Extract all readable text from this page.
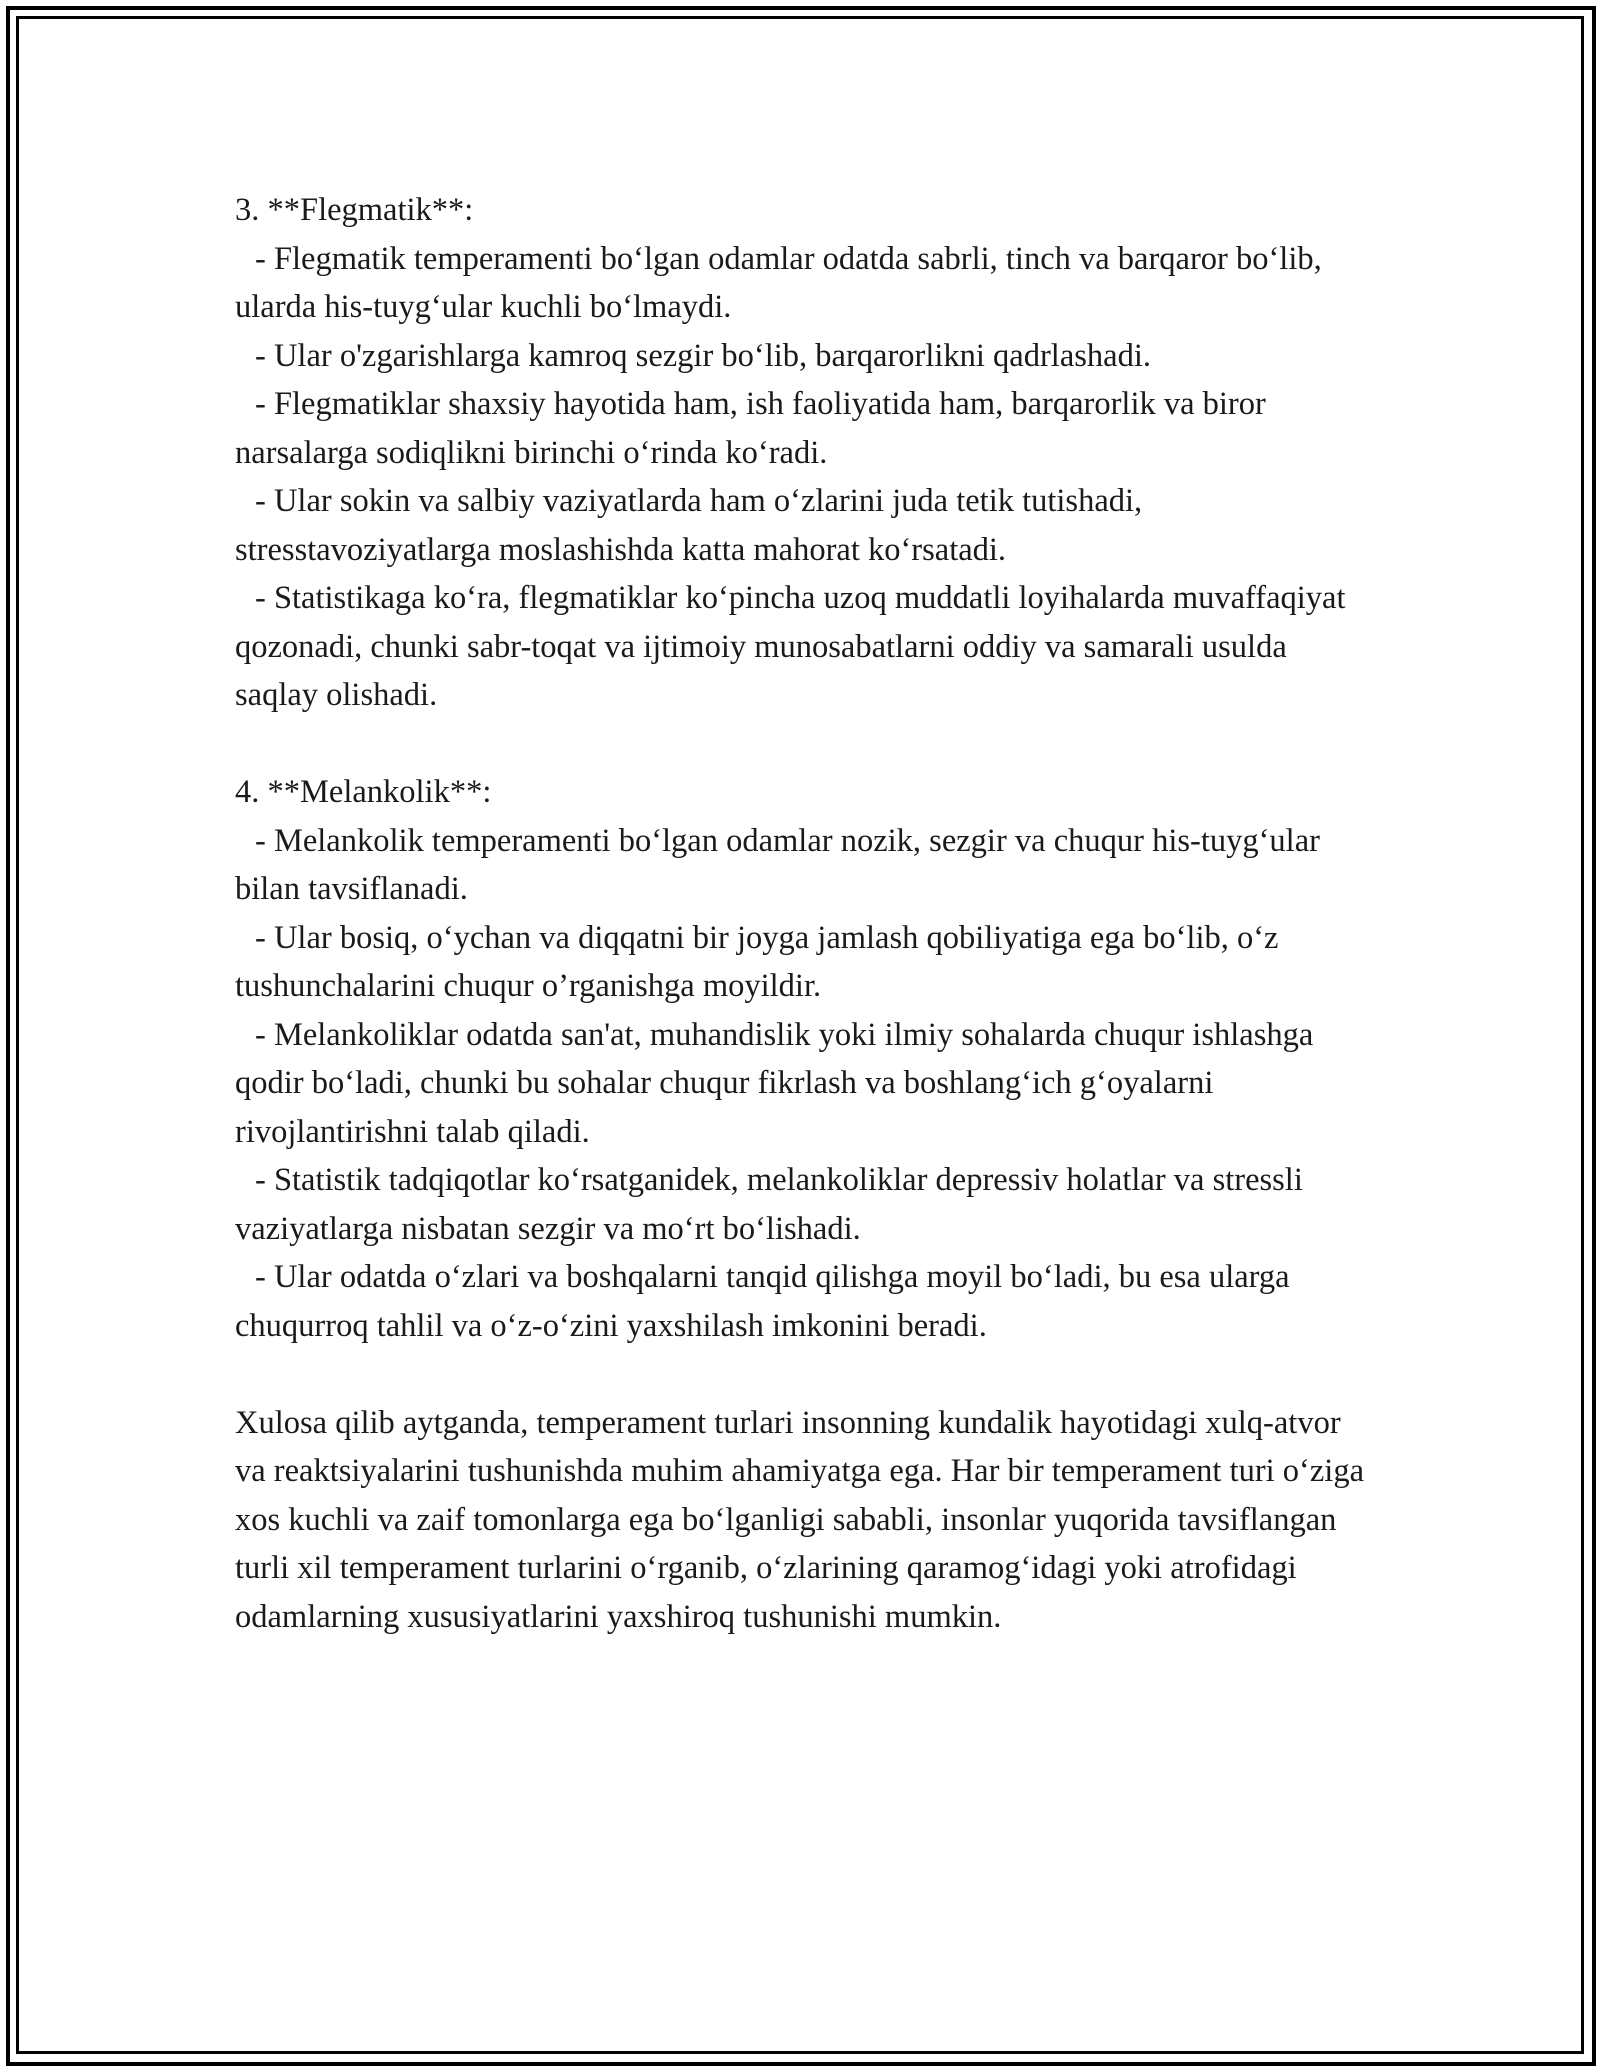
3. **Flegmatik**:

- Flegmatik temperamenti bo‘lgan odamlar odatda sabrli, tinch va barqaror bo‘lib, ularda his-tuyg‘ular kuchli bo‘lmaydi.

- Ular o'zgarishlarga kamroq sezgir bo‘lib, barqarorlikni qadrlashadi.

- Flegmatiklar shaxsiy hayotida ham, ish faoliyatida ham, barqarorlik va biror narsalarga sodiqlikni birinchi o‘rinda ko‘radi.

- Ular sokin va salbiy vaziyatlarda ham o‘zlarini juda tetik tutishadi, stresstavoziyatlarga moslashishda katta mahorat ko‘rsatadi.

- Statistikaga ko‘ra, flegmatiklar ko‘pincha uzoq muddatli loyihalarda muvaffaqiyat qozonadi, chunki sabr-toqat va ijtimoiy munosabatlarni oddiy va samarali usulda saqlay olishadi.

4. **Melankolik**:

- Melankolik temperamenti bo‘lgan odamlar nozik, sezgir va chuqur his-tuyg‘ular bilan tavsiflanadi.

- Ular bosiq, o‘ychan va diqqatni bir joyga jamlash qobiliyatiga ega bo‘lib, o‘z tushunchalarini chuqur o’rganishga moyildir.

- Melankoliklar odatda san'at, muhandislik yoki ilmiy sohalarda chuqur ishlashga qodir bo‘ladi, chunki bu sohalar chuqur fikrlash va boshlang‘ich g‘oyalarni rivojlantirishni talab qiladi.

- Statistik tadqiqotlar ko‘rsatganidek, melankoliklar depressiv holatlar va stressli vaziyatlarga nisbatan sezgir va mo‘rt bo‘lishadi.

- Ular odatda o‘zlari va boshqalarni tanqid qilishga moyil bo‘ladi, bu esa ularga chuqurroq tahlil va o‘z-o‘zini yaxshilash imkonini beradi.

Xulosa qilib aytganda, temperament turlari insonning kundalik hayotidagi xulq-atvor va reaktsiyalarini tushunishda muhim ahamiyatga ega. Har bir temperament turi o‘ziga xos kuchli va zaif tomonlarga ega bo‘lganligi sababli, insonlar yuqorida tavsiflangan turli xil temperament turlarini o‘rganib, o‘zlarining qaramog‘idagi yoki atrofidagi odamlarning xususiyatlarini yaxshiroq tushunishi mumkin.
